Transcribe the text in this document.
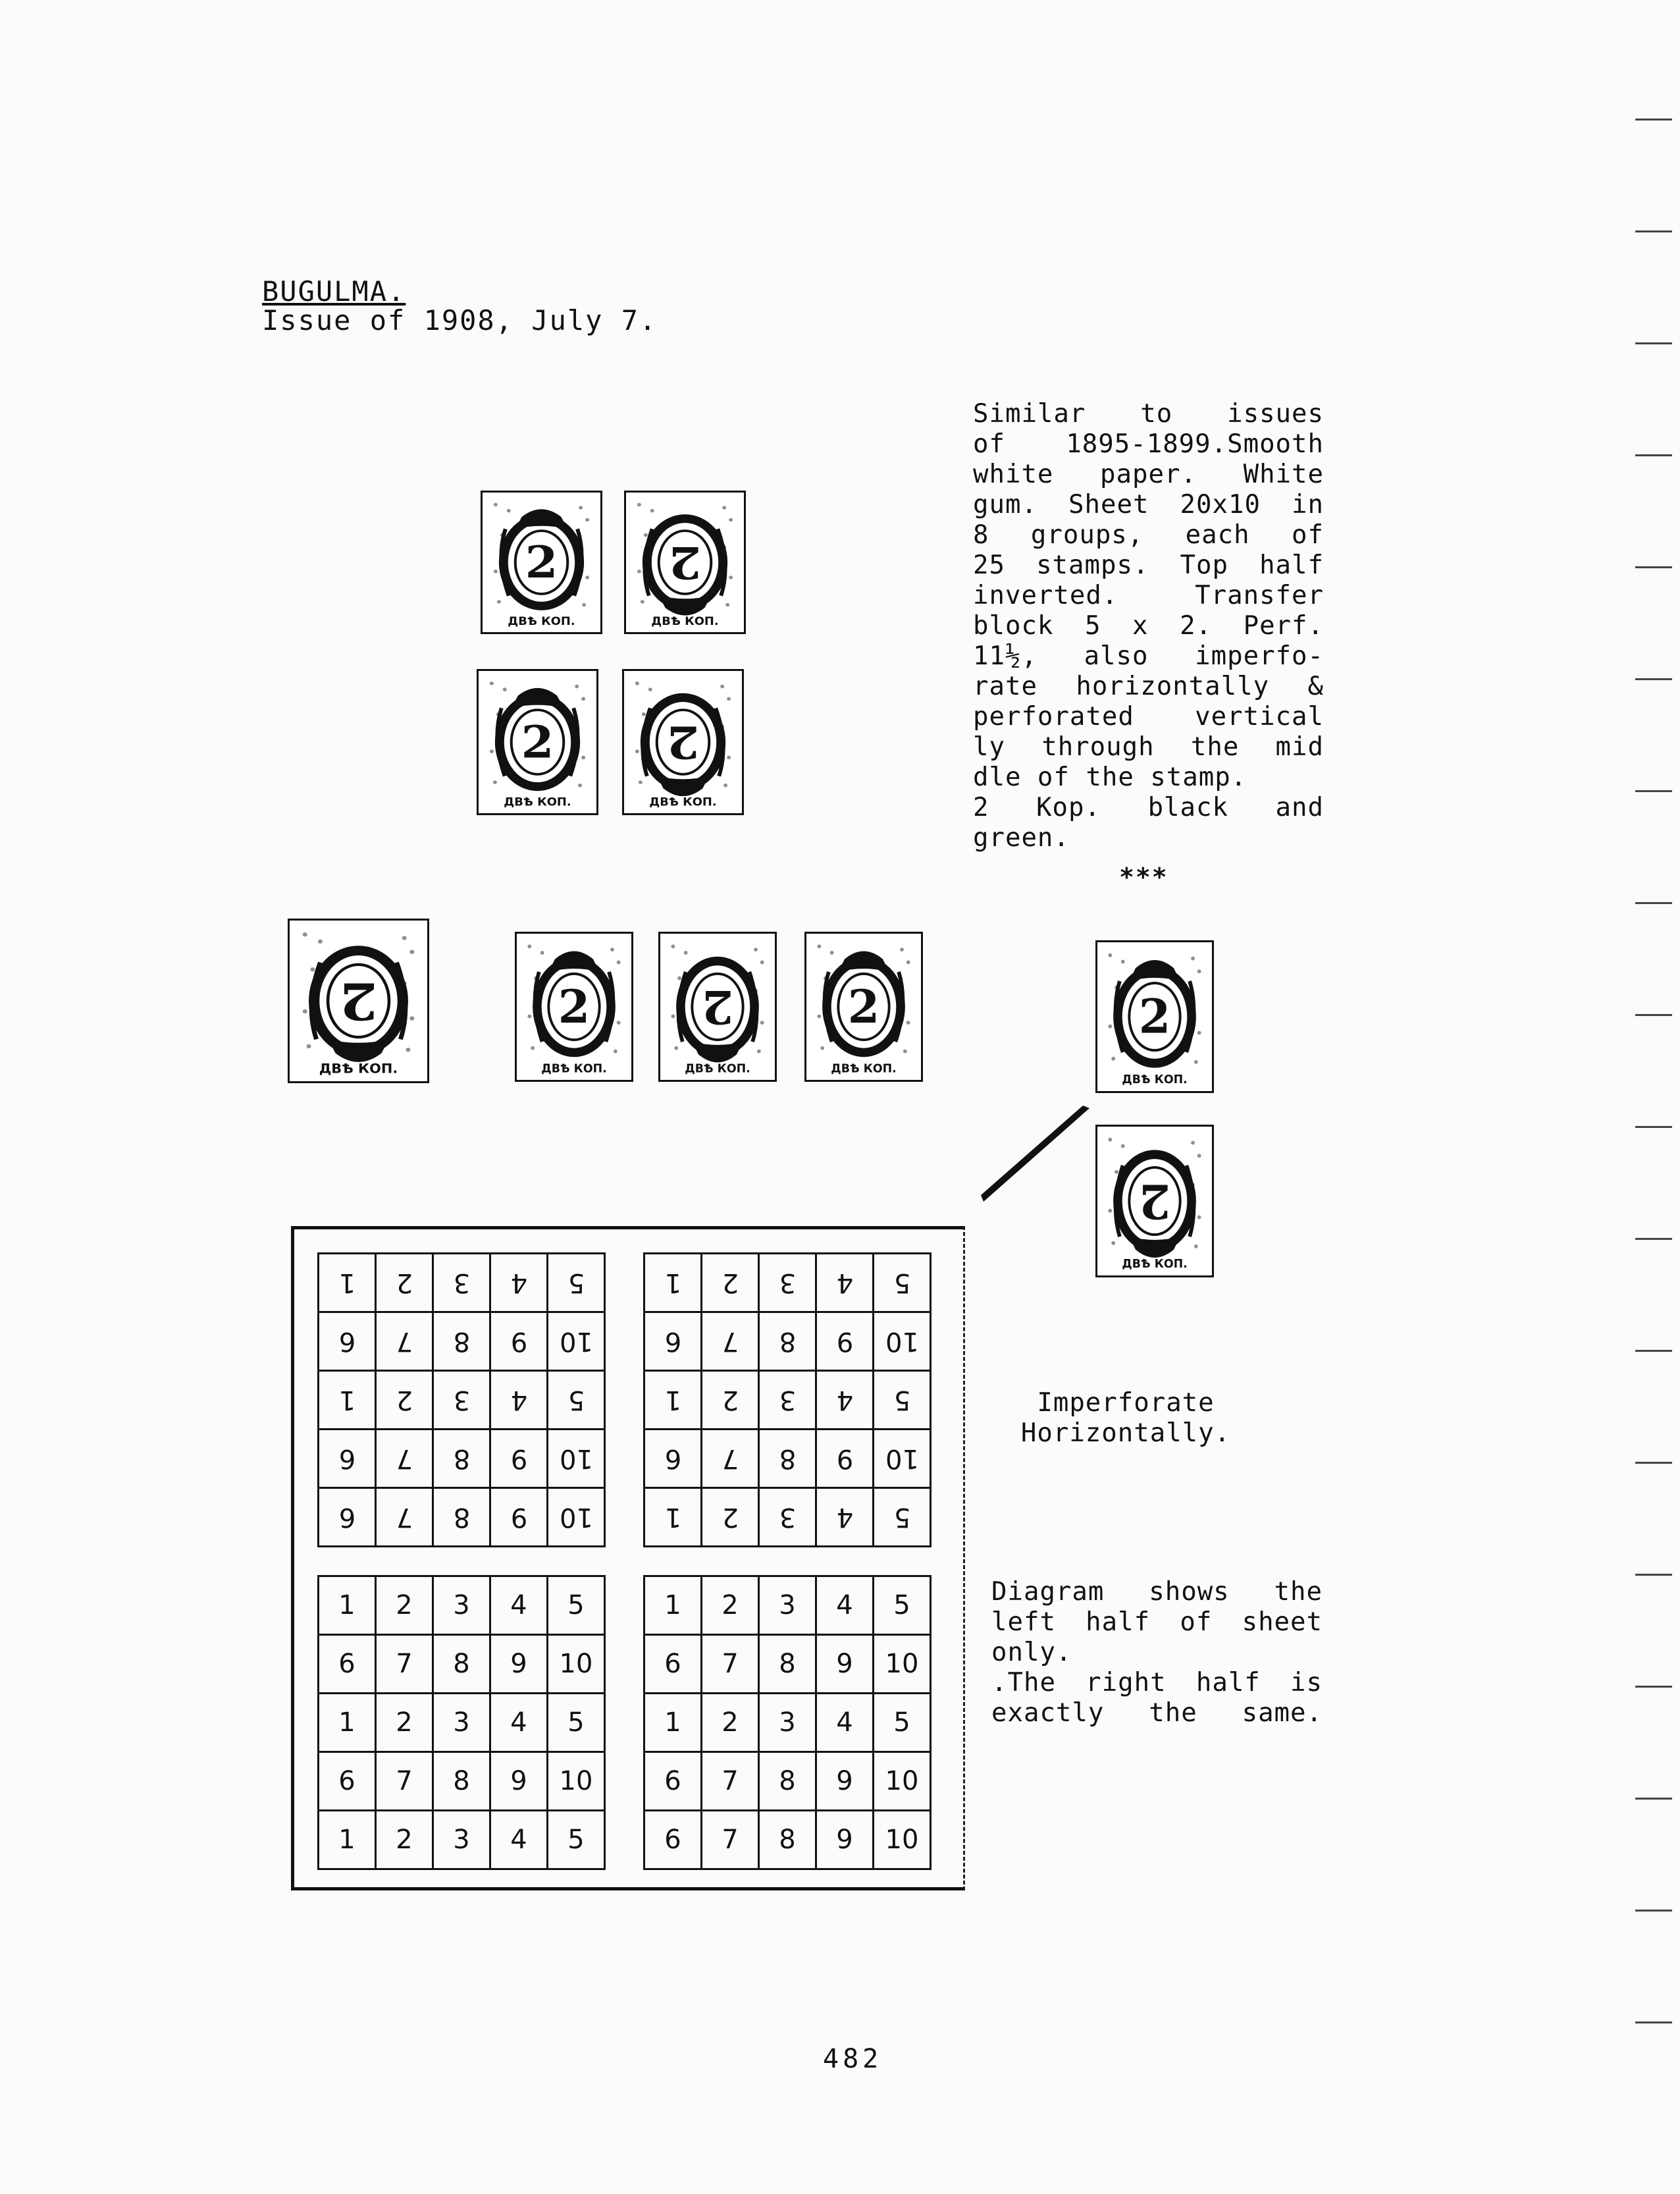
BUGULMA.
Issue of 1908, July 7.
Similar to issues
of 1895-1899.Smooth
white paper. White
gum. Sheet 20x10 in
8 groups, each of
25 stamps. Top half
inverted. Transfer
block 5 x 2. Perf.
11½, also imperfo-
rate horizontally &
perforated vertical
ly through the mid
dle of the stamp.
2 Kop. black and
green.
***
2
ДВѢ КОП.
2
ДВѢ КОП.
2
ДВѢ КОП.
2
ДВѢ КОП.
2
ДВѢ КОП.
2
ДВѢ КОП.
2
ДВѢ КОП.
2
ДВѢ КОП.
2
ДВѢ КОП.
2
ДВѢ КОП.
1	2	3	4	5
6	7	8	9	10
1	2	3	4	5
6	7	8	9	10
6	7	8	9	10
1	2	3	4	5
6	7	8	9	10
1	2	3	4	5
6	7	8	9	10
1	2	3	4	5
1	2	3	4	5
6	7	8	9	10
1	2	3	4	5
6	7	8	9	10
1	2	3	4	5
1	2	3	4	5
6	7	8	9	10
1	2	3	4	5
6	7	8	9	10
6	7	8	9	10
Imperforate
Horizontally.
Diagram shows the
left half of sheet
only.
.The right half is
exactly the same.
482
